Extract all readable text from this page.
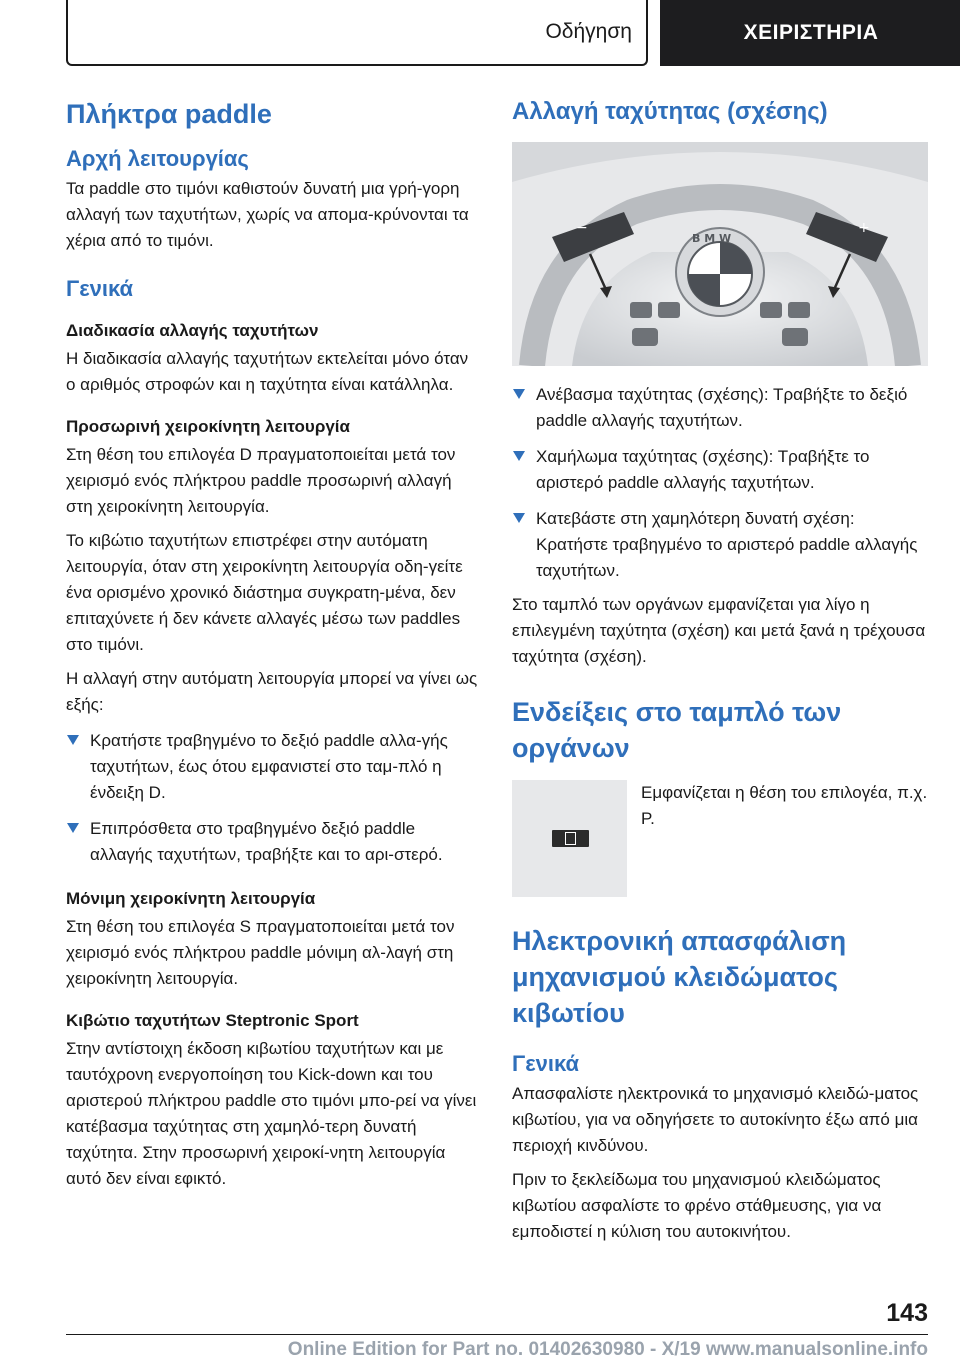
Οδήγηση	ΧΕΙΡΙΣΤΗΡΙΑ
Πλήκτρα paddle
Αρχή λειτουργίας

Τα paddle στο τιμόνι καθιστούν δυνατή μια γρή‐γορη αλλαγή των ταχυτήτων, χωρίς να απομα‐κρύνονται τα χέρια από το τιμόνι.

Γενικά
Διαδικασία αλλαγής ταχυτήτων

Η διαδικασία αλλαγής ταχυτήτων εκτελείται μόνο όταν ο αριθμός στροφών και η ταχύτητα είναι κατάλληλα.

Προσωρινή χειροκίνητη λειτουργία

Στη θέση του επιλογέα D πραγματοποιείται μετά τον χειρισμό ενός πλήκτρου paddle προσωρινή αλλαγή στη χειροκίνητη λειτουργία.

Το κιβώτιο ταχυτήτων επιστρέφει στην αυτόματη λειτουργία, όταν στη χειροκίνητη λειτουργία οδη‐γείτε ένα ορισμένο χρονικό διάστημα συγκρατη‐μένα, δεν επιταχύνετε ή δεν κάνετε αλλαγές μέσω των paddles στο τιμόνι.

Η αλλαγή στην αυτόματη λειτουργία μπορεί να γίνει ως εξής:

Κρατήστε τραβηγμένο το δεξιό paddle αλλα‐γής ταχυτήτων, έως ότου εμφανιστεί στο ταμ‐πλό η ένδειξη D.
Επιπρόσθετα στο τραβηγμένο δεξιό paddle αλλαγής ταχυτήτων, τραβήξτε και το αρι‐στερό.
Μόνιμη χειροκίνητη λειτουργία

Στη θέση του επιλογέα S πραγματοποιείται μετά τον χειρισμό ενός πλήκτρου paddle μόνιμη αλ‐λαγή στη χειροκίνητη λειτουργία.

Κιβώτιο ταχυτήτων Steptronic Sport

Στην αντίστοιχη έκδοση κιβωτίου ταχυτήτων και με ταυτόχρονη ενεργοποίηση του Kick-down και του αριστερού πλήκτρου paddle στο τιμόνι μπο‐ρεί να γίνει κατέβασμα ταχύτητας στη χαμηλό‐τερη δυνατή ταχύτητα. Στην προσωρινή χειροκί‐νητη λειτουργία αυτό δεν είναι εφικτό.

Αλλαγή ταχύτητας (σχέσης)
−	+
B M W
Ανέβασμα ταχύτητας (σχέσης): Τραβήξτε το δεξιό paddle αλλαγής ταχυτήτων.
Χαμήλωμα ταχύτητας (σχέσης): Τραβήξτε το αριστερό paddle αλλαγής ταχυτήτων.
Κατεβάστε στη χαμηλότερη δυνατή σχέση: Κρατήστε τραβηγμένο το αριστερό paddle αλλαγής ταχυτήτων.

Στο ταμπλό των οργάνων εμφανίζεται για λίγο η επιλεγμένη ταχύτητα (σχέση) και μετά ξανά η τρέχουσα ταχύτητα (σχέση).

Ενδείξεις στο ταμπλό των οργάνων

Εμφανίζεται η θέση του επιλογέα, π.χ. P.

Ηλεκτρονική απασφάλιση μηχανισμού κλειδώματος κιβωτίου
Γενικά

Απασφαλίστε ηλεκτρονικά το μηχανισμό κλειδώ‐ματος κιβωτίου, για να οδηγήσετε το αυτοκίνητο έξω από μια περιοχή κινδύνου.

Πριν το ξεκλείδωμα του μηχανισμού κλειδώματος κιβωτίου ασφαλίστε το φρένο στάθμευσης, για να εμποδιστεί η κύλιση του αυτοκινήτου.

143
Online Edition for Part no. 01402630980 - X/19 www.manualsonline.info
